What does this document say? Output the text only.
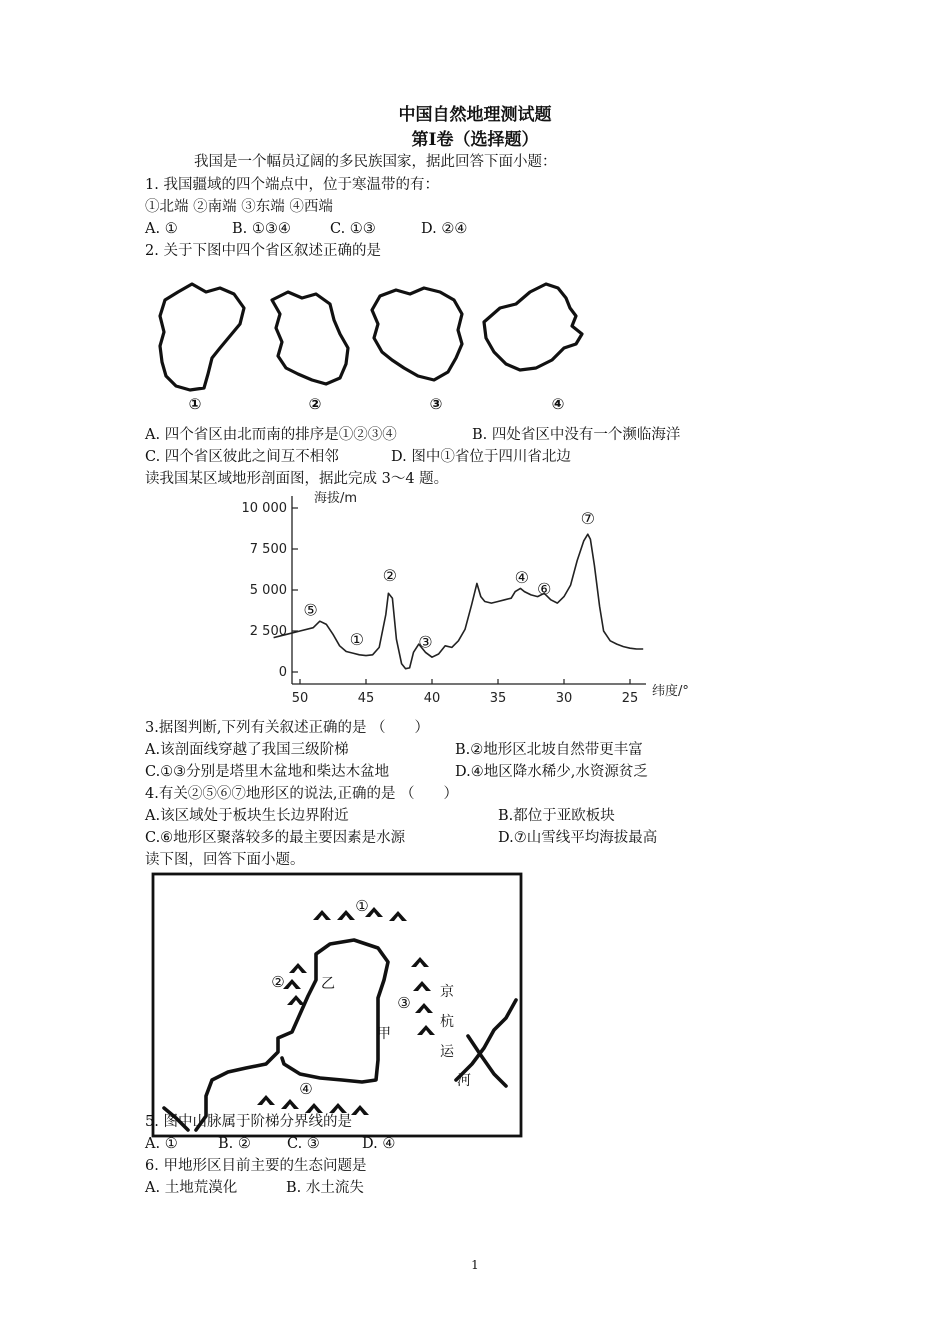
中国自然地理测试题
第Ⅰ卷（选择题）
我国是一个幅员辽阔的多民族国家，据此回答下面小题：
1. 我国疆域的四个端点中，位于寒温带的有：
①北端 ②南端 ③东端 ④西端
A. ①	B. ①③④	C. ①③	D. ②④
2. 关于下图中四个省区叙述正确的是
①	②	③	④
A. 四个省区由北而南的排序是①②③④	B. 四处省区中没有一个濒临海洋
C. 四个省区彼此之间互不相邻	D. 图中①省位于四川省北边
读我国某区域地形剖面图，据此完成 3～4 题。
0
2 500
5 000
7 500
10 000
50	45	40	35	30	25
⑤
①
②
③
④
⑥
⑦
海拔/m
纬度/°
3.据图判断,下列有关叙述正确的是 （　　）
A.该剖面线穿越了我国三级阶梯	B.②地形区北坡自然带更丰富
C.①③分别是塔里木盆地和柴达木盆地	D.④地区降水稀少,水资源贫乏
4.有关②⑤⑥⑦地形区的说法,正确的是 （　　）
A.该区域处于板块生长边界附近	B.都位于亚欧板块
C.⑥地形区聚落较多的最主要因素是水源	D.⑦山雪线平均海拔最高
读下图，回答下面小题。
①
②
③
④
乙
甲
京
杭
运
河
5. 图中山脉属于阶梯分界线的是
A. ①	B. ② C. ③	D. ④
6. 甲地形区目前主要的生态问题是
A. 土地荒漠化	B. 水土流失
1
